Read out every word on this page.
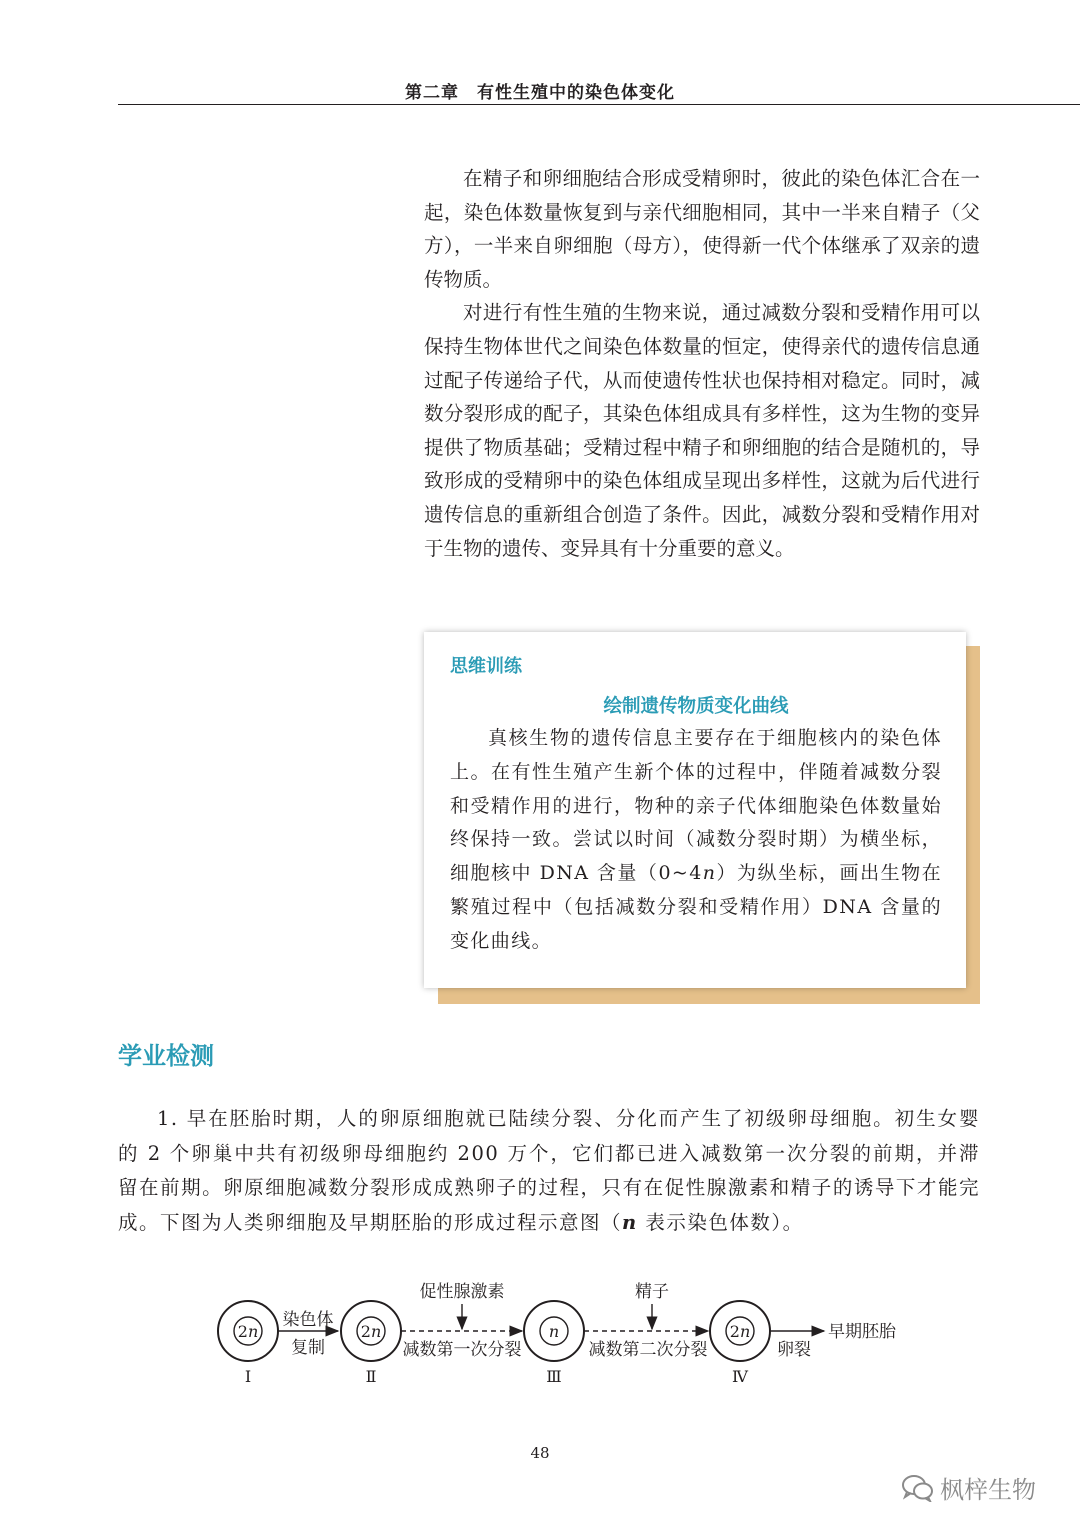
第二章　有性生殖中的染色体变化

在精子和卵细胞结合形成受精卵时，彼此的染色体汇合在一起，染色体数量恢复到与亲代细胞相同，其中一半来自精子（父方），一半来自卵细胞（母方），使得新一代个体继承了双亲的遗传物质。

对进行有性生殖的生物来说，通过减数分裂和受精作用可以保持生物体世代之间染色体数量的恒定，使得亲代的遗传信息通过配子传递给子代，从而使遗传性状也保持相对稳定。同时，减数分裂形成的配子，其染色体组成具有多样性，这为生物的变异提供了物质基础；受精过程中精子和卵细胞的结合是随机的，导致形成的受精卵中的染色体组成呈现出多样性，这就为后代进行遗传信息的重新组合创造了条件。因此，减数分裂和受精作用对于生物的遗传、变异具有十分重要的意义。

思维训练
绘制遗传物质变化曲线

真核生物的遗传信息主要存在于细胞核内的染色体上。在有性生殖产生新个体的过程中，伴随着减数分裂和受精作用的进行，物种的亲子代体细胞染色体数量始终保持一致。尝试以时间（减数分裂时期）为横坐标，细胞核中 DNA 含量（0~4n）为纵坐标，画出生物在繁殖过程中（包括减数分裂和受精作用）DNA 含量的变化曲线。

学业检测

1. 早在胚胎时期，人的卵原细胞就已陆续分裂、分化而产生了初级卵母细胞。初生女婴的 2 个卵巢中共有初级卵母细胞约 200 万个，它们都已进入减数第一次分裂的前期，并滞留在前期。卵原细胞减数分裂形成成熟卵子的过程，只有在促性腺激素和精子的诱导下才能完成。下图为人类卵细胞及早期胚胎的形成过程示意图（n 表示染色体数）。

2n
Ⅰ
染色体
复制
2n
Ⅱ
促性腺激素
减数第一次分裂
n
Ⅲ
精子
减数第二次分裂
2n
Ⅳ
卵裂
早期胚胎
48
枫梓生物
